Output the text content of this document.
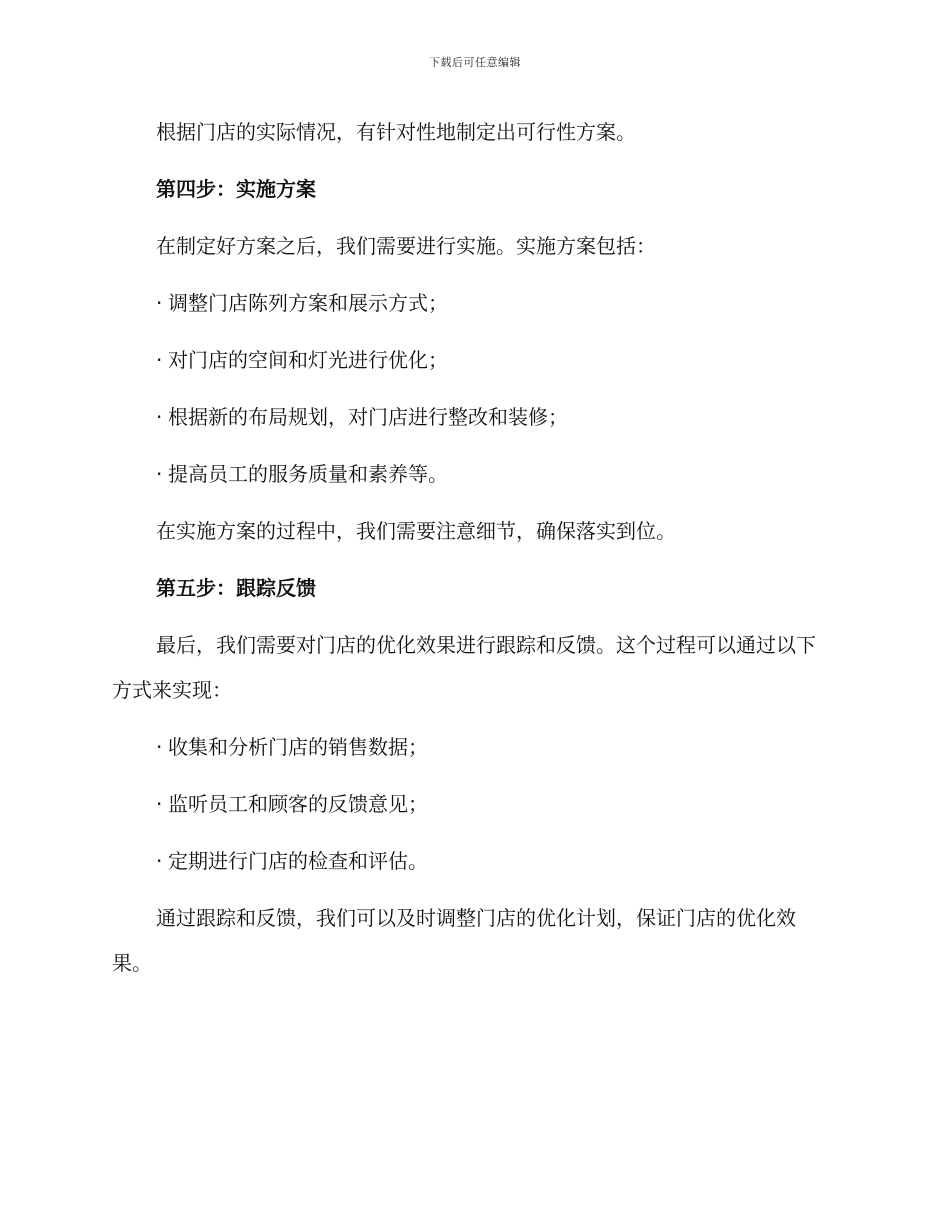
下载后可任意编辑

根据门店的实际情况，有针对性地制定出可行性方案。

第四步：实施方案

在制定好方案之后，我们需要进行实施。实施方案包括：

· 调整门店陈列方案和展示方式；

· 对门店的空间和灯光进行优化；

· 根据新的布局规划，对门店进行整改和装修；

· 提高员工的服务质量和素养等。

在实施方案的过程中，我们需要注意细节，确保落实到位。

第五步：跟踪反馈

最后，我们需要对门店的优化效果进行跟踪和反馈。这个过程可以通过以下方式来实现：

· 收集和分析门店的销售数据；

· 监听员工和顾客的反馈意见；

· 定期进行门店的检查和评估。

通过跟踪和反馈，我们可以及时调整门店的优化计划，保证门店的优化效果。
